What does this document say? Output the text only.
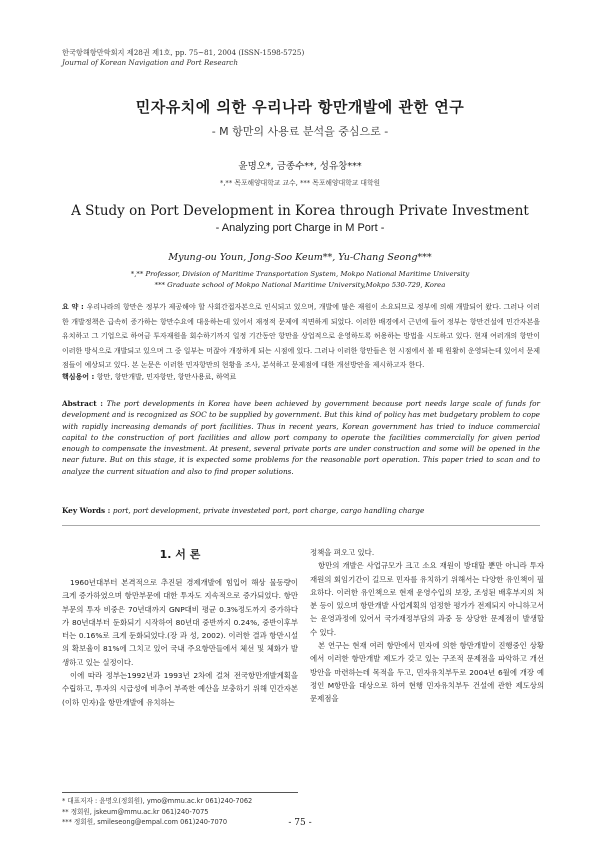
한국항해항만학회지 제28권 제1호, pp. 75~81, 2004 (ISSN-1598-5725)
Journal of Korean Navigation and Port Research
민자유치에 의한 우리나라 항만개발에 관한 연구
- M 항만의 사용료 분석을 중심으로 -
윤명오*, 금종수**, 성유창***
*,** 목포해양대학교 교수, *** 목포해양대학교 대학원
A Study on Port Development in Korea through Private Investment
- Analyzing port Charge in M Port -
Myung-ou Youn, Jong-Soo Keum**, Yu-Chang Seong***
*,** Professor, Division of Maritime Transportation System, Mokpo National Maritime University
*** Graduate school of Mokpo National Maritime University,Mokpo 530-729, Korea
요 약 : 우리나라의 항만은 정부가 제공해야 할 사회간접자본으로 인식되고 있으며, 개발에 많은 재원이 소요되므로 정부에 의해 개발되어 왔다. 그러나 이러한 개발정책은 급속히 증가하는 항만수요에 대응하는데 있어서 재정적 문제에 직면하게 되었다. 이러한 배경에서 근년에 들어 정부는 항만건설에 민간자본을 유치하고 그 기업으로 하여금 투자재원을 회수하기까지 일정 기간동안 항만을 상업적으로 운영하도록 허용하는 방법을 시도하고 있다. 현재 여러개의 항만이 이러한 방식으로 개발되고 있으며 그 중 일부는 머잖아 개장하게 되는 시점에 있다. 그러나 이러한 항만들은 현 시점에서 볼 때 원활히 운영되는데 있어서 문제점들이 예상되고 있다. 본 논문은 이러한 민자항만의 현황을 조사, 분석하고 문제점에 대한 개선방안을 제시하고자 한다.
핵심용어 : 항만, 항만개발, 민자항만, 항만사용료, 하역료
Abstract : The port developments in Korea have been achieved by government because port needs large scale of funds for development and is recognized as SOC to be supplied by government. But this kind of policy has met budgetary problem to cope with rapidly increasing demands of port facilities. Thus in recent years, Korean government has tried to induce commercial capital to the construction of port facilities and allow port company to operate the facilities commercially for given period enough to compensate the investment. At present, several private ports are under construction and some will be opened in the near future. But on this stage, it is expected some problems for the reasonable port operation. This paper tried to scan and to analyze the current situation and also to find proper solutions.
Key Words : port, port development, private investeted port, port charge, cargo handling charge
1. 서 론

1960년대부터 본격적으로 추진된 경제개발에 힘입어 해상 물동량이 크게 증가하였으며 항만부문에 대한 투자도 지속적으로 증가되었다. 항만부문의 투자 비중은 70년대까지 GNP대비 평균 0.3%정도까지 증가하다가 80년대부터 둔화되기 시작하여 80년대 중반까지 0.24%, 중반이후부터는 0.16%로 크게 둔화되었다.(장 과 성, 2002). 이러한 결과 항만시설의 확보율이 81%에 그치고 있어 국내 주요항만들에서 체선 및 체화가 발생하고 있는 실정이다.

이에 따라 정부는1992년과 1993년 2차에 걸쳐 전국항만개발계획을 수립하고, 투자의 시급성에 비추어 부족한 예산을 보충하기 위해 민간자본(이하 민자)을 항만개발에 유치하는

정책을 펴오고 있다.

항만의 개발은 사업규모가 크고 소요 재원이 방대할 뿐만 아니라 투자재원의 회임기간이 길므로 민자를 유치하기 위해서는 다양한 유인책이 필요하다. 이러한 유인책으로 현재 운영수입의 보장, 조성된 배후부지의 처분 등이 있으며 항만개발 사업계획의 엄정한 평가가 전제되지 아니하고서는 운영과정에 있어서 국가재정부담의 과중 등 상당한 문제점이 발생할 수 있다.

본 연구는 현재 여러 항만에서 민자에 의한 항만개발이 진행중인 상황에서 이러한 항만개발 제도가 갖고 있는 구조적 문제점을 파악하고 개선방안을 마련하는데 목적을 두고, 민자유치부두로 2004년 6월에 개장 예정인 M항만을 대상으로 하여 현행 민자유치부두 건설에 관한 제도상의 문제점을

* 대표저자 : 윤명오(정회원), ymo@mmu.ac.kr 061)240-7062

** 정회원, jskeum@mmu.ac.kr 061)240-7075

*** 정회원, smileseong@empal.com 061)240-7070	- 75 -
